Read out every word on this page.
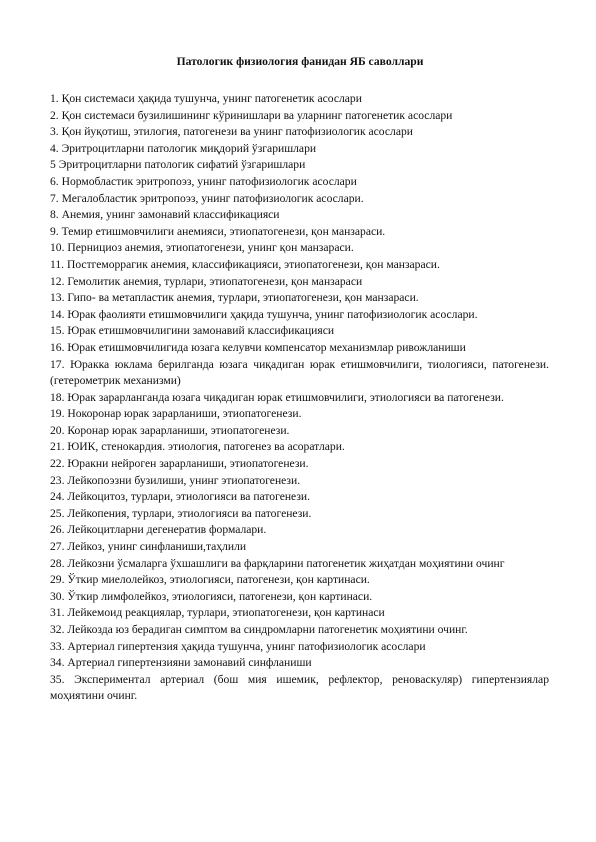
Патологик физиология фанидан ЯБ саволлари
1. Қон системаси ҳақида тушунча, унинг патогенетик асослари
2. Қон системаси бузилишининг кўринишлари ва уларнинг патогенетик асослари
3. Қон йуқотиш, этилогия, патогенези ва унинг патофизиологик асослари
4. Эритроцитларни патологик миқдорий ўзгаришлари
5 Эритроцитларни патологик сифатий ўзгаришлари
6. Нормобластик эритропоэз, унинг патофизиологик асослари
7. Мегалобластик эритропоэз, унинг патофизиологик асослари.
8. Анемия, унинг замонавий классификацияси
9. Темир етишмовчилиги анемияси, этиопатогенези, қон манзараси.
10. Пернициоз анемия, этиопатогенези, унинг қон манзараси.
11. Постгеморрагик анемия, классификацияси, этиопатогенези, қон манзараси.
12. Гемолитик анемия, турлари, этиопатогенези, қон манзараси
13. Гипо- ва метапластик анемия, турлари, этиопатогенези, қон манзараси.
14. Юрак фаолияти етишмовчилиги ҳақида тушунча, унинг патофизиологик асослари.
15. Юрак етишмовчилигини замонавий классификацияси
16. Юрак етишмовчилигида юзага келувчи компенсатор механизмлар ривожланиши
17. Юракка юклама берилганда юзага чиқадиган юрак етишмовчилиги, тиологияси, патогенези. (гетерометрик механизми)
18. Юрак зарарланганда юзага чиқадиган юрак етишмовчилиги, этиологияси ва патогенези.
19. Нокоронар юрак зарарланиши, этиопатогенези.
20. Коронар юрак зарарланиши, этиопатогенези.
21. ЮИК, стенокардия. этиология, патогенез ва асоратлари.
22. Юракни нейроген зарарланиши, этиопатогенези.
23. Лейкопоэзни бузилиши, унинг этиопатогенези.
24. Лейкоцитоз, турлари, этиологияси ва патогенези.
25. Лейкопения, турлари, этиологияси ва патогенези.
26. Лейкоцитларни дегенератив формалари.
27. Лейкоз, унинг синфланиши,таҳлили
28. Лейкозни ўсмаларга ўхшашлиги ва фарқларини патогенетик жиҳатдан моҳиятини очинг
29. Ўткир миелолейкоз, этиологияси, патогенези, қон картинаси.
30. Ўткир лимфолейкоз, этиологияси, патогенези, қон картинаси.
31. Лейкемоид реакциялар, турлари, этиопатогенези, қон картинаси
32. Лейкозда юз берадиган симптом ва синдромларни патогенетик моҳиятини очинг.
33. Артериал гипертензия ҳақида тушунча, унинг патофизиологик асослари
34. Артериал гипертензияни замонавий синфланиши
35. Экспериментал артериал (бош мия ишемик, рефлектор, реноваскуляр) гипертензиялар моҳиятини очинг.
